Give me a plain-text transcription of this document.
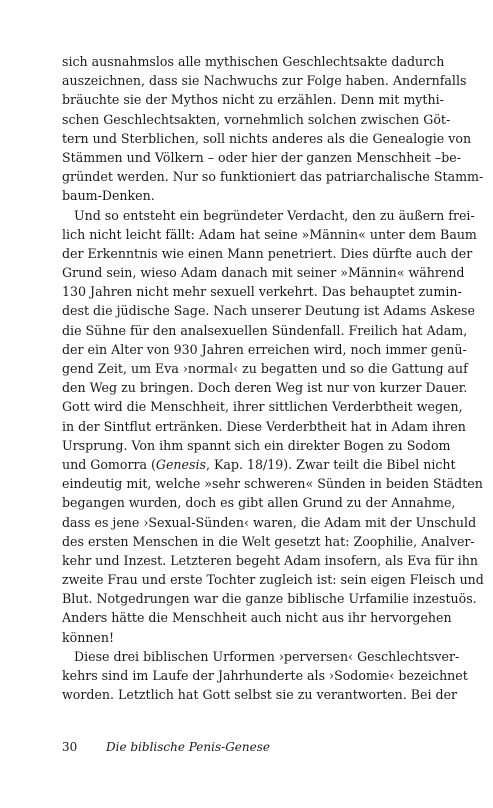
sich ausnahmslos alle mythischen Geschlechtsakte dadurch
auszeichnen, dass sie Nachwuchs zur Folge haben. Andernfalls
bräuchte sie der Mythos nicht zu erzählen. Denn mit mythi-
schen Geschlechtsakten, vornehmlich solchen zwischen Göt-
tern und Sterblichen, soll nichts anderes als die Genealogie von
Stämmen und Völkern – oder hier der ganzen Menschheit –be-
gründet werden. Nur so funktioniert das patriarchalische Stamm-
baum-Denken.
Und so entsteht ein begründeter Verdacht, den zu äußern frei-
lich nicht leicht fällt: Adam hat seine »Männin« unter dem Baum
der Erkenntnis wie einen Mann penetriert. Dies dürfte auch der
Grund sein, wieso Adam danach mit seiner »Männin« während
130 Jahren nicht mehr sexuell verkehrt. Das behauptet zumin-
dest die jüdische Sage. Nach unserer Deutung ist Adams Askese
die Sühne für den analsexuellen Sündenfall. Freilich hat Adam,
der ein Alter von 930 Jahren erreichen wird, noch immer genü-
gend Zeit, um Eva ›normal‹ zu begatten und so die Gattung auf
den Weg zu bringen. Doch deren Weg ist nur von kurzer Dauer.
Gott wird die Menschheit, ihrer sittlichen Verderbtheit wegen,
in der Sintflut ertränken. Diese Verderbtheit hat in Adam ihren
Ursprung. Von ihm spannt sich ein direkter Bogen zu Sodom
und Gomorra (Genesis, Kap. 18/19). Zwar teilt die Bibel nicht
eindeutig mit, welche »sehr schweren« Sünden in beiden Städten
begangen wurden, doch es gibt allen Grund zu der Annahme,
dass es jene ›Sexual-Sünden‹ waren, die Adam mit der Unschuld
des ersten Menschen in die Welt gesetzt hat: Zoophilie, Analver-
kehr und Inzest. Letzteren begeht Adam insofern, als Eva für ihn
zweite Frau und erste Tochter zugleich ist: sein eigen Fleisch und
Blut. Notgedrungen war die ganze biblische Urfamilie inzestuös.
Anders hätte die Menschheit auch nicht aus ihr hervorgehen
können!
Diese drei biblischen Urformen ›perversen‹ Geschlechtsver-
kehrs sind im Laufe der Jahrhunderte als ›Sodomie‹ bezeichnet
worden. Letztlich hat Gott selbst sie zu verantworten. Bei der
30 Die biblische Penis-Genese
